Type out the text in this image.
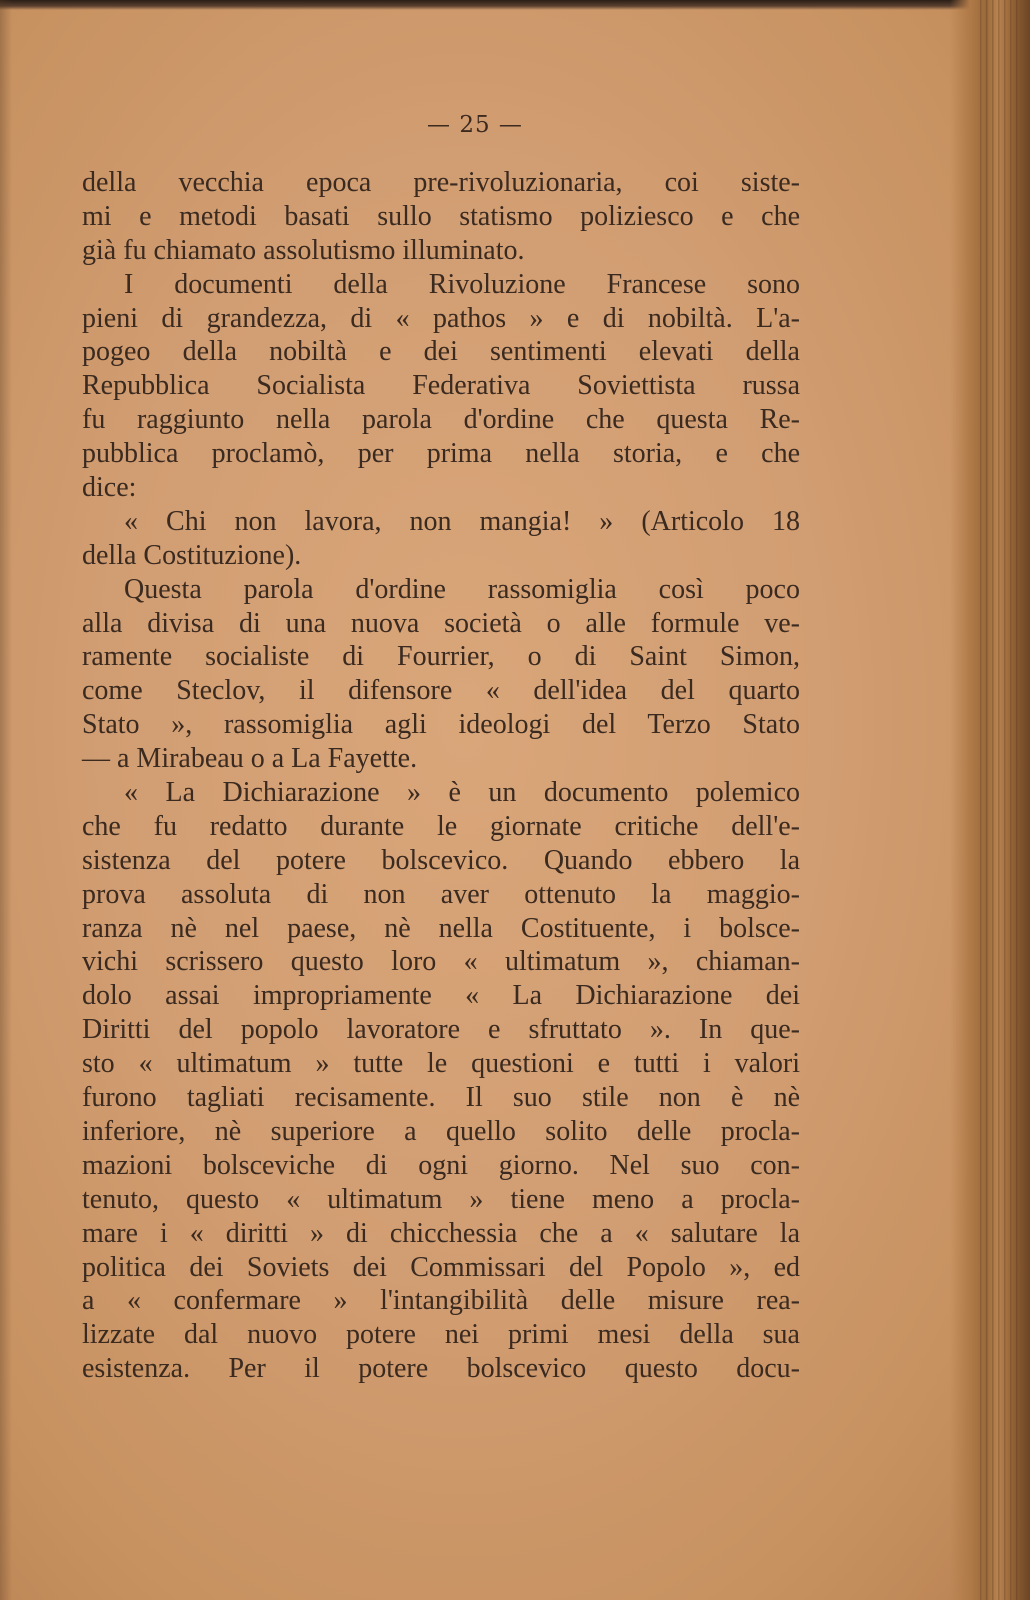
— 25 —
della vecchia epoca pre-rivoluzionaria, coi siste-
mi e metodi basati sullo statismo poliziesco e che
già fu chiamato assolutismo illuminato.
I documenti della Rivoluzione Francese sono
pieni di grandezza, di « pathos » e di nobiltà. L'a-
pogeo della nobiltà e dei sentimenti elevati della
Repubblica Socialista Federativa Soviettista russa
fu raggiunto nella parola d'ordine che questa Re-
pubblica proclamò, per prima nella storia, e che
dice:
« Chi non lavora, non mangia! » (Articolo 18
della Costituzione).
Questa parola d'ordine rassomiglia così poco
alla divisa di una nuova società o alle formule ve-
ramente socialiste di Fourrier, o di Saint Simon,
come Steclov, il difensore « dell'idea del quarto
Stato », rassomiglia agli ideologi del Terzo Stato
— a Mirabeau o a La Fayette.
« La Dichiarazione » è un documento polemico
che fu redatto durante le giornate critiche dell'e-
sistenza del potere bolscevico. Quando ebbero la
prova assoluta di non aver ottenuto la maggio-
ranza nè nel paese, nè nella Costituente, i bolsce-
vichi scrissero questo loro « ultimatum », chiaman-
dolo assai impropriamente « La Dichiarazione dei
Diritti del popolo lavoratore e sfruttato ». In que-
sto « ultimatum » tutte le questioni e tutti i valori
furono tagliati recisamente. Il suo stile non è nè
inferiore, nè superiore a quello solito delle procla-
mazioni bolsceviche di ogni giorno. Nel suo con-
tenuto, questo « ultimatum » tiene meno a procla-
mare i « diritti » di chicchessia che a « salutare la
politica dei Soviets dei Commissari del Popolo », ed
a « confermare » l'intangibilità delle misure rea-
lizzate dal nuovo potere nei primi mesi della sua
esistenza. Per il potere bolscevico questo docu-
